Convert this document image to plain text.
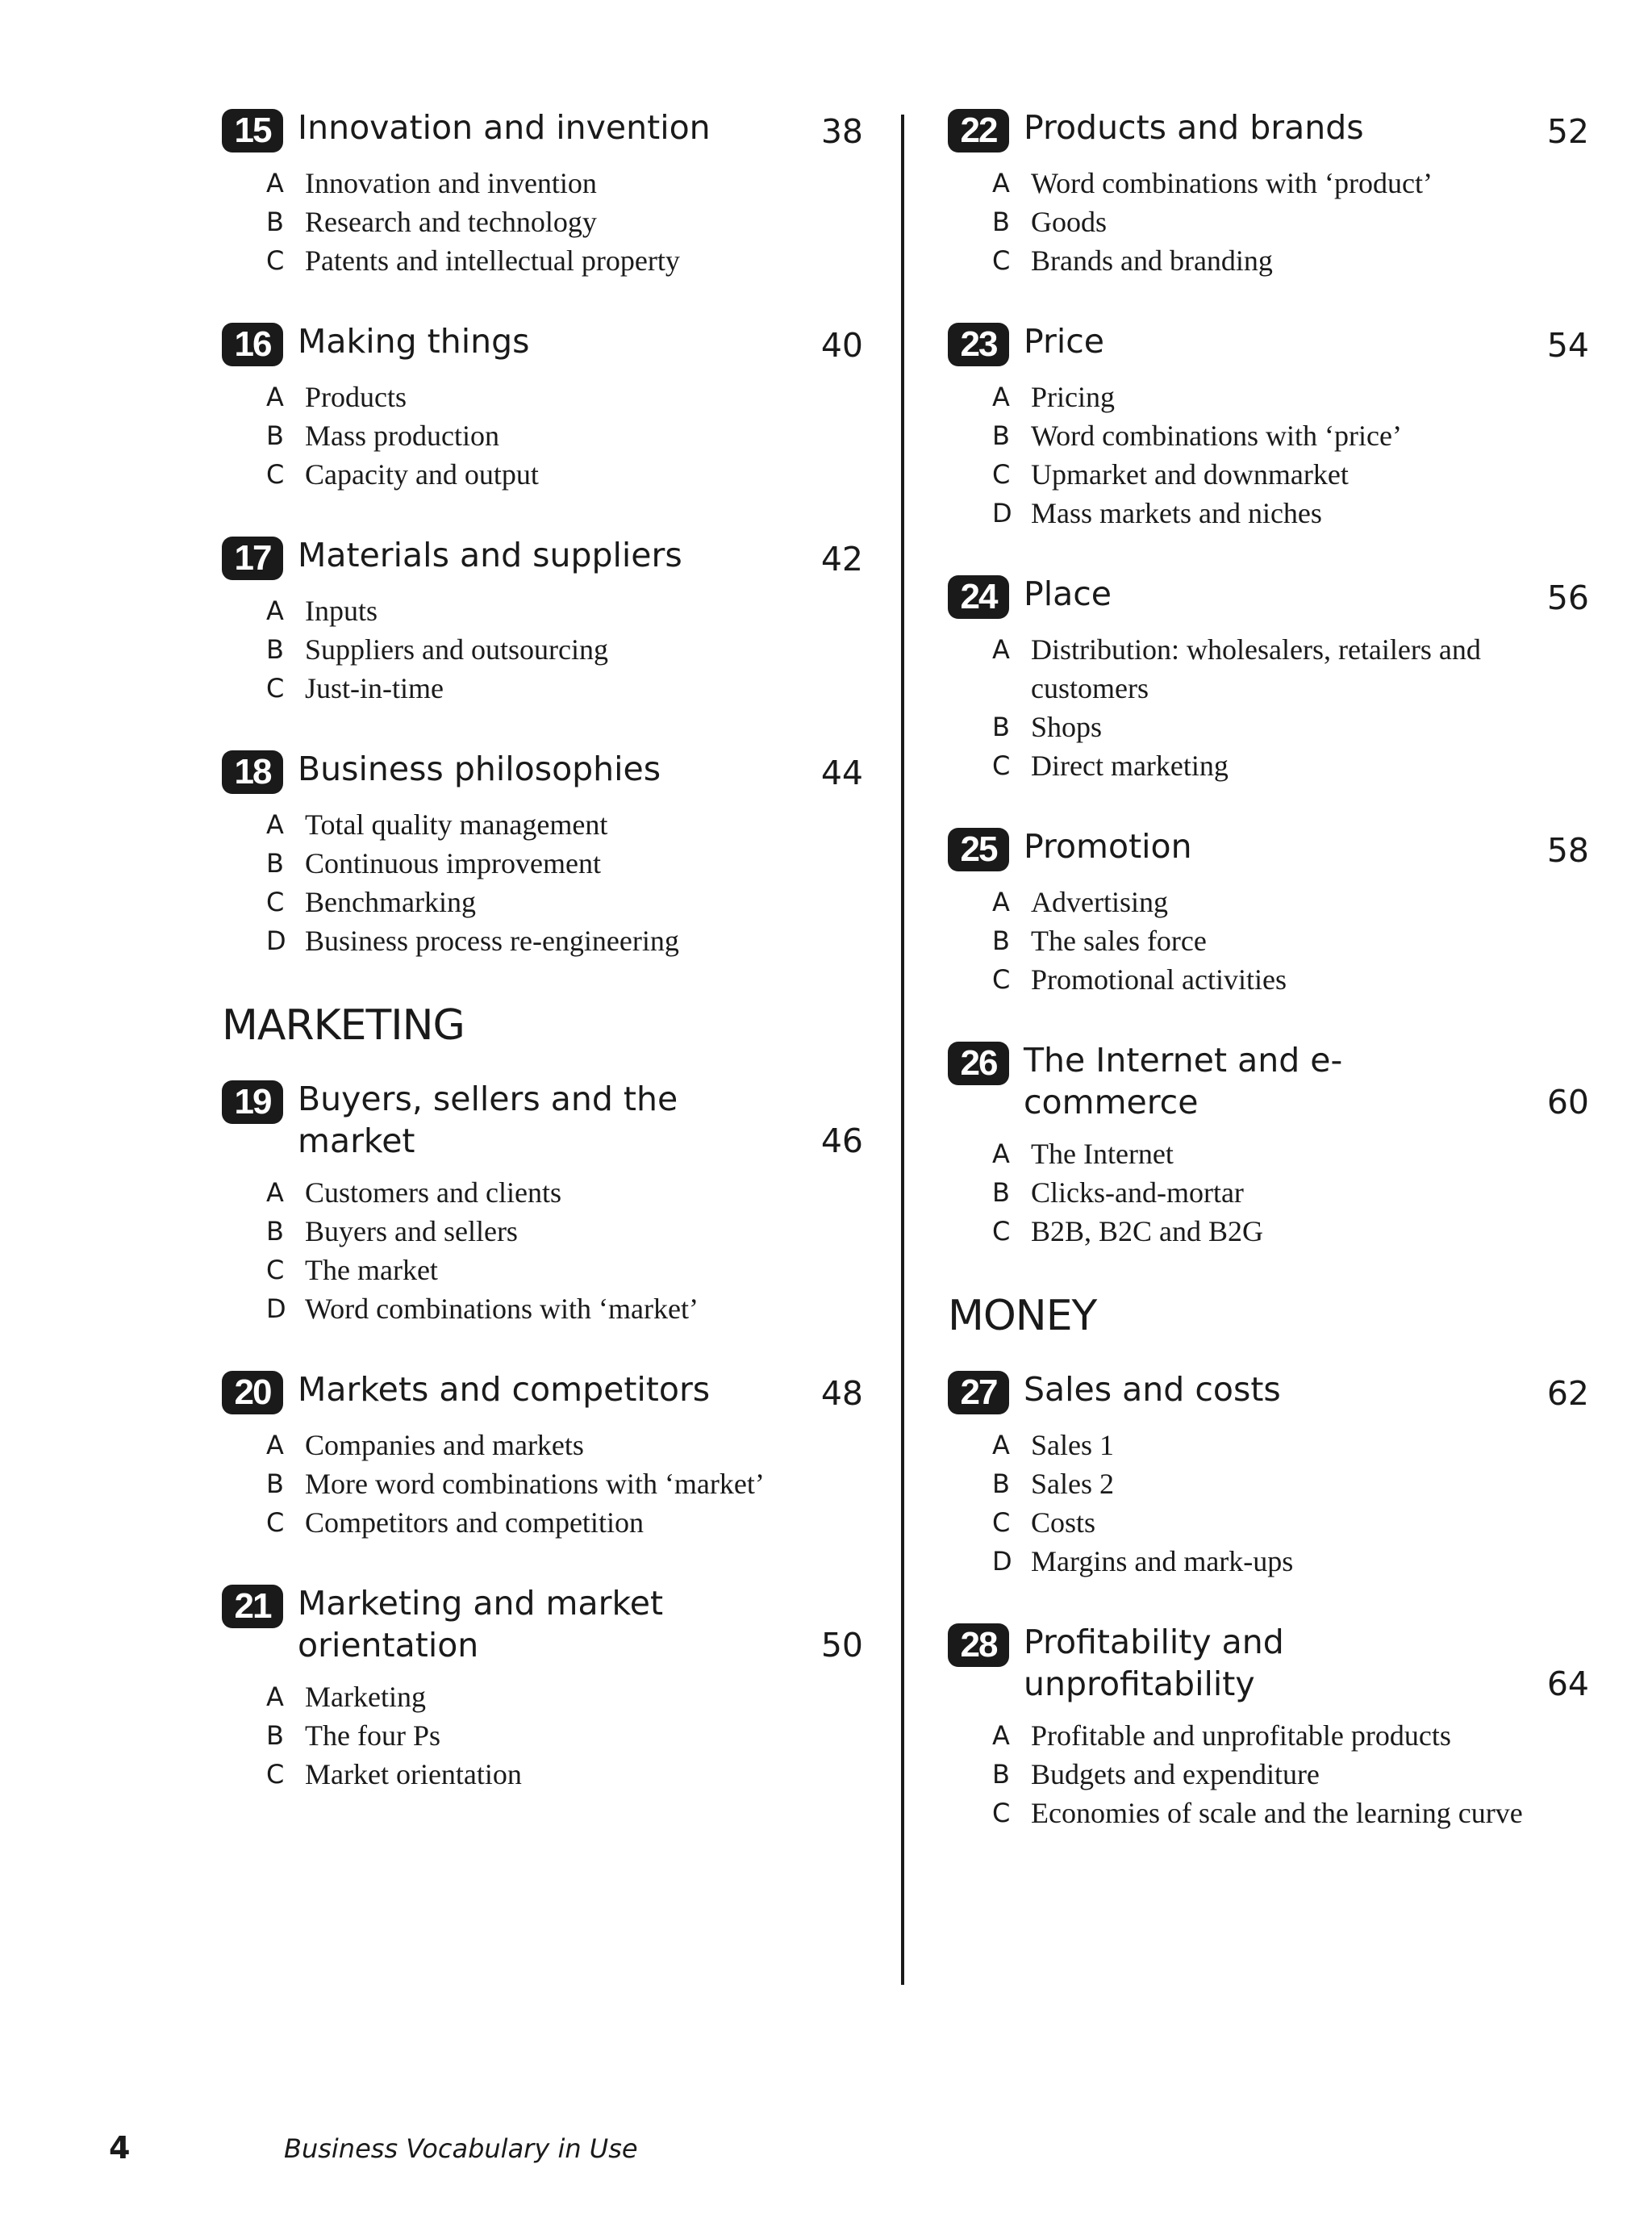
15 Innovation and invention	38
A Innovation and invention
B Research and technology
C Patents and intellectual property
16 Making things	40
A Products
B Mass production
C Capacity and output
17 Materials and suppliers	42
A Inputs
B Suppliers and outsourcing
C Just-in-time
18 Business philosophies	44
A Total quality management
B Continuous improvement
C Benchmarking
D Business process re-engineering
MARKETING
19 Buyers, sellers and the market	46
A Customers and clients
B Buyers and sellers
C The market
D Word combinations with ‘market’
20 Markets and competitors	48
A Companies and markets
B More word combinations with ‘market’
C Competitors and competition
21 Marketing and market orientation	50
A Marketing
B The four Ps
C Market orientation
22 Products and brands	52
A Word combinations with ‘product’
B Goods
C Brands and branding
23 Price	54
A Pricing
B Word combinations with ‘price’
C Upmarket and downmarket
D Mass markets and niches
24 Place	56
A Distribution: wholesalers, retailers and customers
B Shops
C Direct marketing
25 Promotion	58
A Advertising
B The sales force
C Promotional activities
26 The Internet and e-commerce	60
A The Internet
B Clicks-and-mortar
C B2B, B2C and B2G
MONEY
27 Sales and costs	62
A Sales 1
B Sales 2
C Costs
D Margins and mark-ups
28 Profitability and unprofitability	64
A Profitable and unprofitable products
B Budgets and expenditure
C Economies of scale and the learning curve
4	Business Vocabulary in Use
